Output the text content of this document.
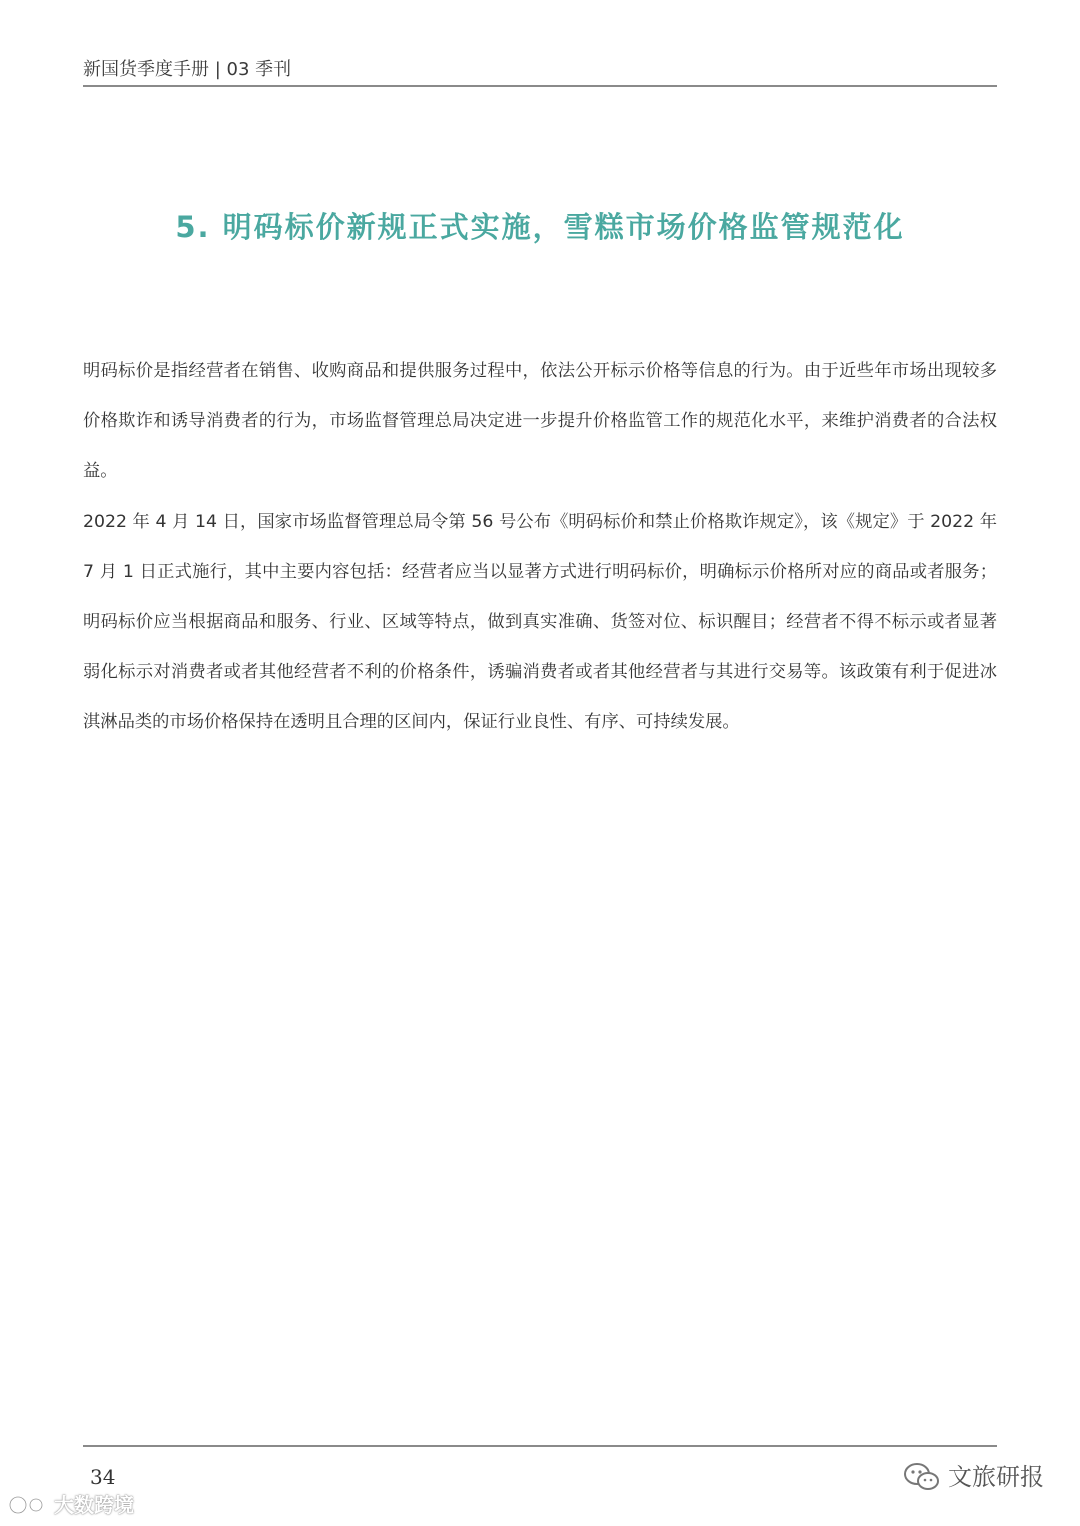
新国货季度手册 | 03 季刊
5. 明码标价新规正式实施，雪糕市场价格监管规范化

明码标价是指经营者在销售、收购商品和提供服务过程中，依法公开标示价格等信息的行为。由于近些年市场出现较多价格欺诈和诱导消费者的行为，市场监督管理总局决定进一步提升价格监管工作的规范化水平，来维护消费者的合法权益。

2022 年 4 月 14 日，国家市场监督管理总局令第 56 号公布《明码标价和禁止价格欺诈规定》，该《规定》于 2022 年 7 月 1 日正式施行，其中主要内容包括：经营者应当以显著方式进行明码标价，明确标示价格所对应的商品或者服务；明码标价应当根据商品和服务、行业、区域等特点，做到真实准确、货签对位、标识醒目；经营者不得不标示或者显著弱化标示对消费者或者其他经营者不利的价格条件，诱骗消费者或者其他经营者与其进行交易等。该政策有利于促进冰淇淋品类的市场价格保持在透明且合理的区间内，保证行业良性、有序、可持续发展。

34	文旅研报
大数跨境
